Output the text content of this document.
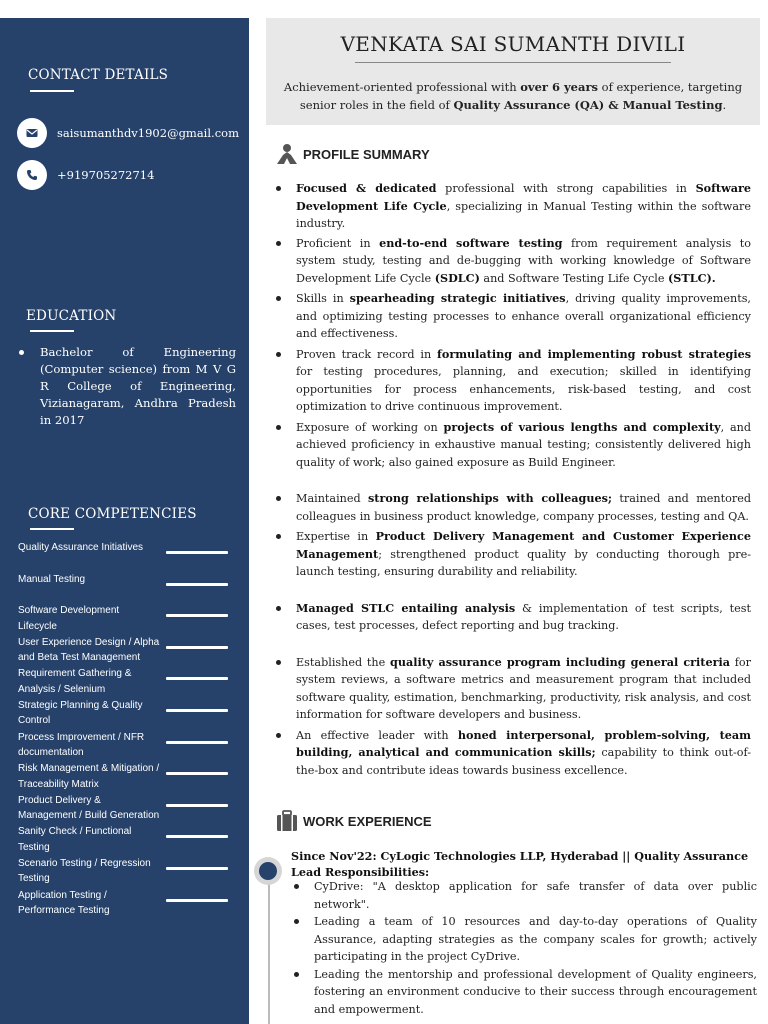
CONTACT DETAILS
saisumanthdv1902@gmail.com
+919705272714
EDUCATION
Bachelor of Engineering (Computer science) from M V G R College of Engineering, Vizianagaram, Andhra Pradesh in 2017
CORE COMPETENCIES
Quality Assurance Initiatives
Manual Testing
Software Development Lifecycle
User Experience Design / Alpha and Beta Test Management
Requirement Gathering & Analysis / Selenium
Strategic Planning & Quality Control
Process Improvement / NFR documentation
Risk Management & Mitigation / Traceability Matrix
Product Delivery & Management / Build Generation
Sanity Check / Functional Testing
Scenario Testing / Regression Testing
Application Testing / Performance Testing
VENKATA SAI SUMANTH DIVILI
Achievement-oriented professional with over 6 years of experience, targeting senior roles in the field of Quality Assurance (QA) & Manual Testing.
PROFILE SUMMARY
Focused & dedicated professional with strong capabilities in Software Development Life Cycle, specializing in Manual Testing within the software industry.
Proficient in end-to-end software testing from requirement analysis to system study, testing and de-bugging with working knowledge of Software Development Life Cycle (SDLC) and Software Testing Life Cycle (STLC).
Skills in spearheading strategic initiatives, driving quality improvements, and optimizing testing processes to enhance overall organizational efficiency and effectiveness.
Proven track record in formulating and implementing robust strategies for testing procedures, planning, and execution; skilled in identifying opportunities for process enhancements, risk-based testing, and cost optimization to drive continuous improvement.
Exposure of working on projects of various lengths and complexity, and achieved proficiency in exhaustive manual testing; consistently delivered high quality of work; also gained exposure as Build Engineer.
Maintained strong relationships with colleagues; trained and mentored colleagues in business product knowledge, company processes, testing and QA.
Expertise in Product Delivery Management and Customer Experience Management; strengthened product quality by conducting thorough pre-launch testing, ensuring durability and reliability.
Managed STLC entailing analysis & implementation of test scripts, test cases, test processes, defect reporting and bug tracking.
Established the quality assurance program including general criteria for system reviews, a software metrics and measurement program that included software quality, estimation, benchmarking, productivity, risk analysis, and cost information for software developers and business.
An effective leader with honed interpersonal, problem-solving, team building, analytical and communication skills; capability to think out-of-the-box and contribute ideas towards business excellence.
WORK EXPERIENCE
Since Nov'22: CyLogic Technologies LLP, Hyderabad || Quality Assurance Lead Responsibilities:
CyDrive: "A desktop application for safe transfer of data over public network".
Leading a team of 10 resources and day-to-day operations of Quality Assurance, adapting strategies as the company scales for growth; actively participating in the project CyDrive.
Leading the mentorship and professional development of Quality engineers, fostering an environment conducive to their success through encouragement and empowerment.
